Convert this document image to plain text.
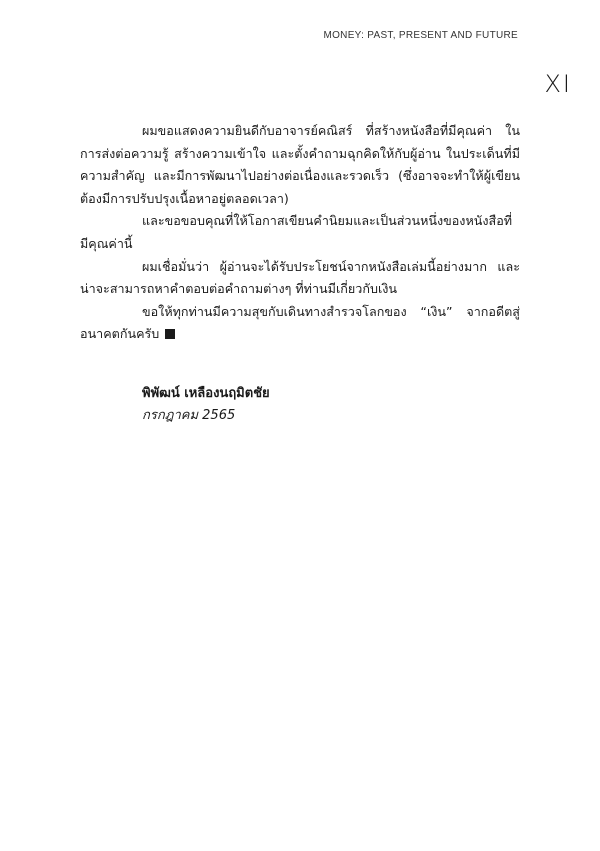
MONEY: PAST, PRESENT AND FUTURE
XI

ผมขอแสดงความยินดีกับอาจารย์คณิสร์ ที่สร้างหนังสือที่มีคุณค่า ในการส่งต่อความรู้ สร้างความเข้าใจ และตั้งคำถามฉุกคิดให้กับผู้อ่าน ในประเด็นที่มีความสำคัญ และมีการพัฒนาไปอย่างต่อเนื่องและรวดเร็ว (ซึ่งอาจจะทำให้ผู้เขียนต้องมีการปรับปรุงเนื้อหาอยู่ตลอดเวลา)

และขอขอบคุณที่ให้โอกาสเขียนคำนิยมและเป็นส่วนหนึ่งของหนังสือที่มีคุณค่านี้

ผมเชื่อมั่นว่า ผู้อ่านจะได้รับประโยชน์จากหนังสือเล่มนี้อย่างมาก และน่าจะสามารถหาคำตอบต่อคำถามต่างๆ ที่ท่านมีเกี่ยวกับเงิน

ขอให้ทุกท่านมีความสุขกับเดินทางสำรวจโลกของ “เงิน” จากอดีตสู่อนาคตกันครับ

พิพัฒน์ เหลืองนฤมิตชัย
กรกฎาคม 2565
